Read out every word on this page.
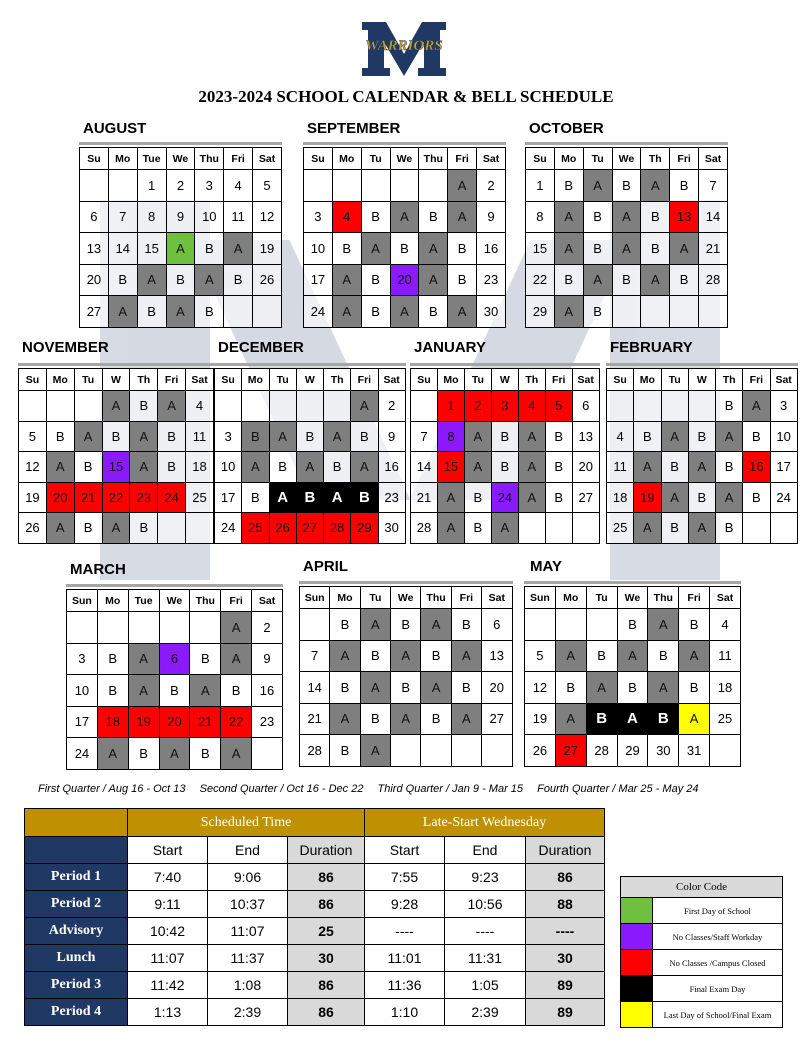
WARRIORS
2023-2024 SCHOOL CALENDAR & BELL SCHEDULE
AUGUST
Su	Mo	Tue	We	Thu	Fri	Sat
		1	2	3	4	5
6	7	8	9	10	11	12
13	14	15	A	B	A	19
20	B	A	B	A	B	26
27	A	B	A	B		
SEPTEMBER
Su	Mo	Tu	We	Thu	Fri	Sat
					A	2
3	4	B	A	B	A	9
10	B	A	B	A	B	16
17	A	B	20	A	B	23
24	A	B	A	B	A	30
OCTOBER
Su	Mo	Tu	We	Th	Fri	Sat
1	B	A	B	A	B	7
8	A	B	A	B	13	14
15	A	B	A	B	A	21
22	B	A	B	A	B	28
29	A	B				
NOVEMBER
Su	Mo	Tu	W	Th	Fri	Sat
			A	B	A	4
5	B	A	B	A	B	11
12	A	B	15	A	B	18
19	20	21	22	23	24	25
26	A	B	A	B		
DECEMBER
Su	Mo	Tu	W	Th	Fri	Sat
					A	2
3	B	A	B	A	B	9
10	A	B	A	B	A	16
17	B	A	B	A	B	23
24	25	26	27	28	29	30
JANUARY
Su	Mo	Tu	W	Th	Fri	Sat
	1	2	3	4	5	6
7	8	A	B	A	B	13
14	15	A	B	A	B	20
21	A	B	24	A	B	27
28	A	B	A			
FEBRUARY
Su	Mo	Tu	W	Th	Fri	Sat
				B	A	3
4	B	A	B	A	B	10
11	A	B	A	B	16	17
18	19	A	B	A	B	24
25	A	B	A	B		
MARCH
Sun	Mo	Tue	We	Thu	Fri	Sat
					A	2
3	B	A	6	B	A	9
10	B	A	B	A	B	16
17	18	19	20	21	22	23
24	A	B	A	B	A	
APRIL
Sun	Mo	Tu	We	Thu	Fri	Sat
	B	A	B	A	B	6
7	A	B	A	B	A	13
14	B	A	B	A	B	20
21	A	B	A	B	A	27
28	B	A				
MAY
Sun	Mo	Tu	We	Thu	Fri	Sat
			B	A	B	4
5	A	B	A	B	A	11
12	B	A	B	A	B	18
19	A	B	A	B	A	25
26	27	28	29	30	31	
First Quarter / Aug 16 - Oct 13 Second Quarter / Oct 16 - Dec 22 Third Quarter / Jan 9 - Mar 15 Fourth Quarter / Mar 25 - May 24
	Scheduled Time			Late-Start Wednesday		
	Start	End	Duration	Start	End	Duration
Period 1	7:40	9:06	86	7:55	9:23	86
Period 2	9:11	10:37	86	9:28	10:56	88
Advisory	10:42	11:07	25	----	----	----
Lunch	11:07	11:37	30	11:01	11:31	30
Period 3	11:42	1:08	86	11:36	1:05	89
Period 4	1:13	2:39	86	1:10	2:39	89
Color Code	
	First Day of School
	No Classes/Staff Workday
	No Classes /Campus Closed
	Final Exam Day
	Last Day of School/Final Exam
